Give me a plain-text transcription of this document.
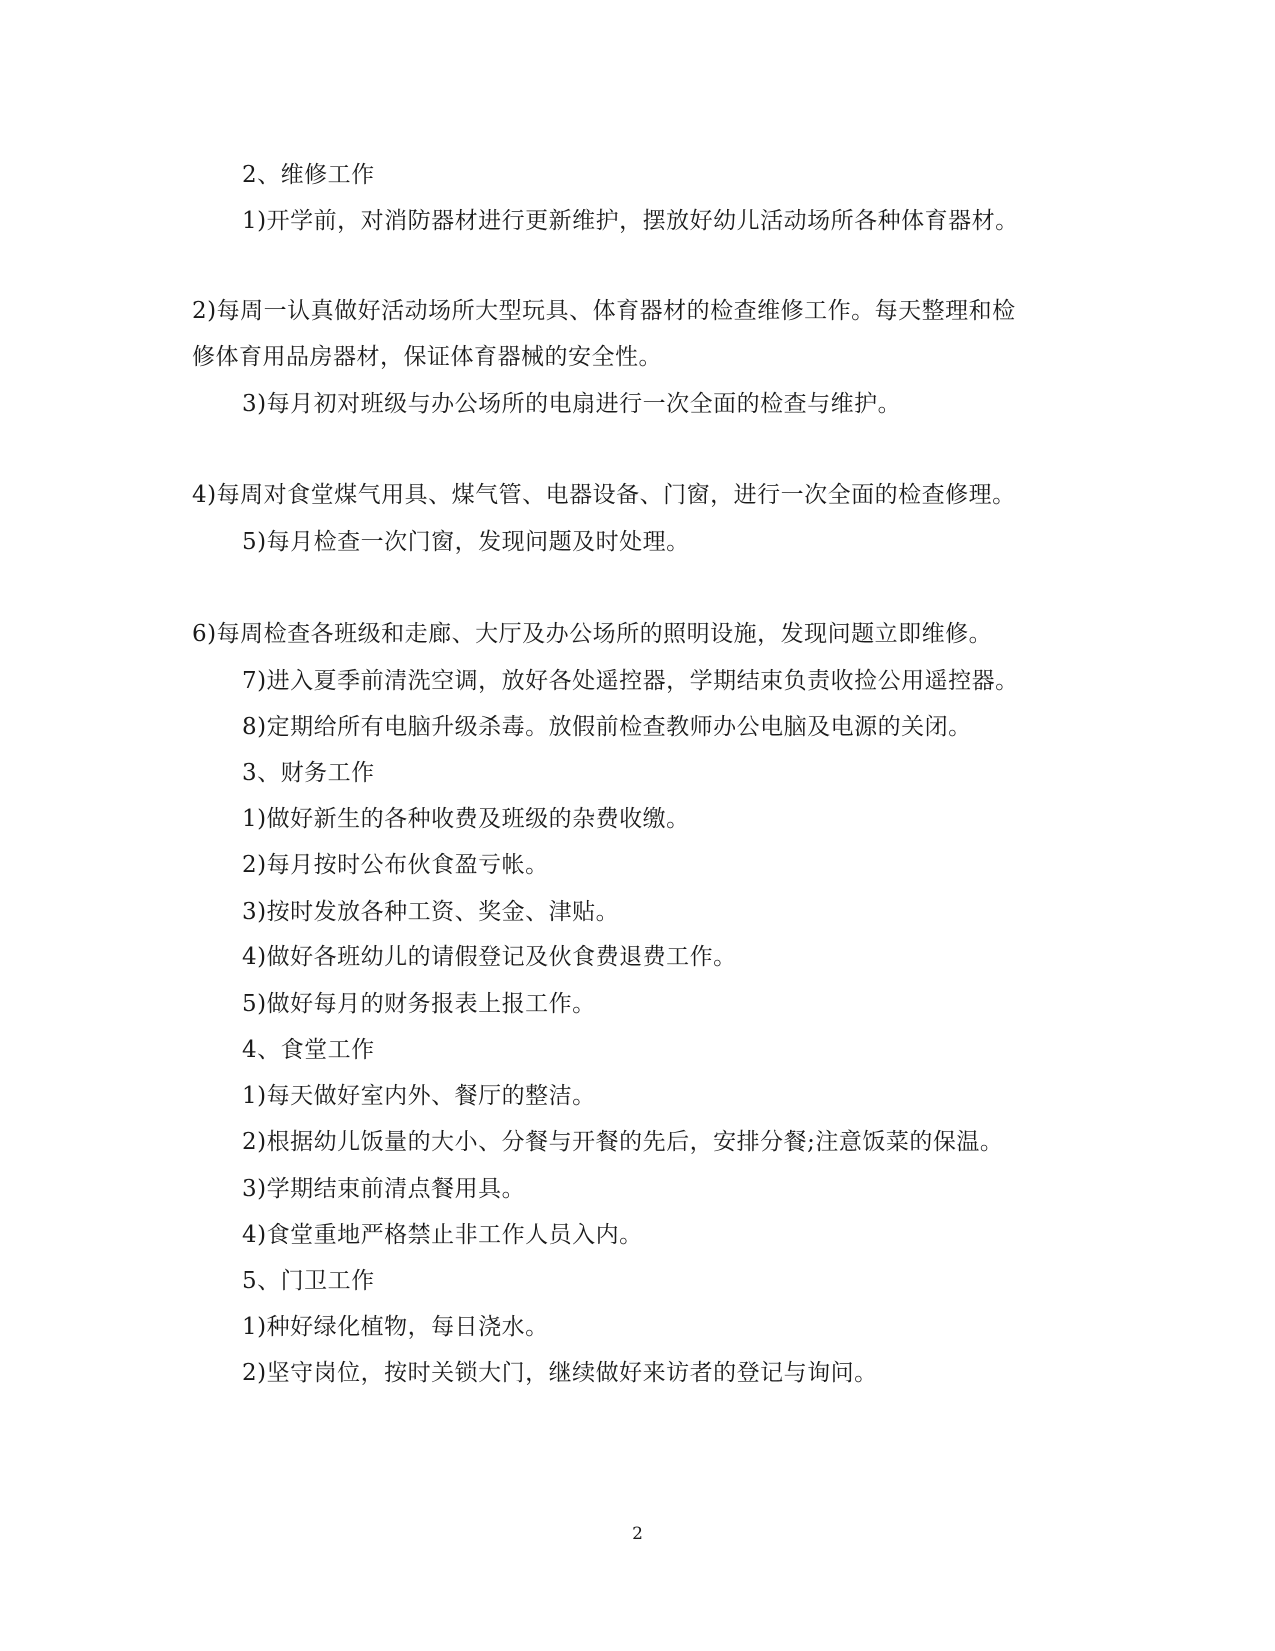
2、维修工作
1)开学前，对消防器材进行更新维护，摆放好幼儿活动场所各种体育器材。
2)每周一认真做好活动场所大型玩具、体育器材的检查维修工作。每天整理和检
修体育用品房器材，保证体育器械的安全性。
3)每月初对班级与办公场所的电扇进行一次全面的检查与维护。
4)每周对食堂煤气用具、煤气管、电器设备、门窗，进行一次全面的检查修理。
5)每月检查一次门窗，发现问题及时处理。
6)每周检查各班级和走廊、大厅及办公场所的照明设施，发现问题立即维修。
7)进入夏季前清洗空调，放好各处遥控器，学期结束负责收捡公用遥控器。
8)定期给所有电脑升级杀毒。放假前检查教师办公电脑及电源的关闭。
3、财务工作
1)做好新生的各种收费及班级的杂费收缴。
2)每月按时公布伙食盈亏帐。
3)按时发放各种工资、奖金、津贴。
4)做好各班幼儿的请假登记及伙食费退费工作。
5)做好每月的财务报表上报工作。
4、食堂工作
1)每天做好室内外、餐厅的整洁。
2)根据幼儿饭量的大小、分餐与开餐的先后，安排分餐;注意饭菜的保温。
3)学期结束前清点餐用具。
4)食堂重地严格禁止非工作人员入内。
5、门卫工作
1)种好绿化植物，每日浇水。
2)坚守岗位，按时关锁大门，继续做好来访者的登记与询问。
2
